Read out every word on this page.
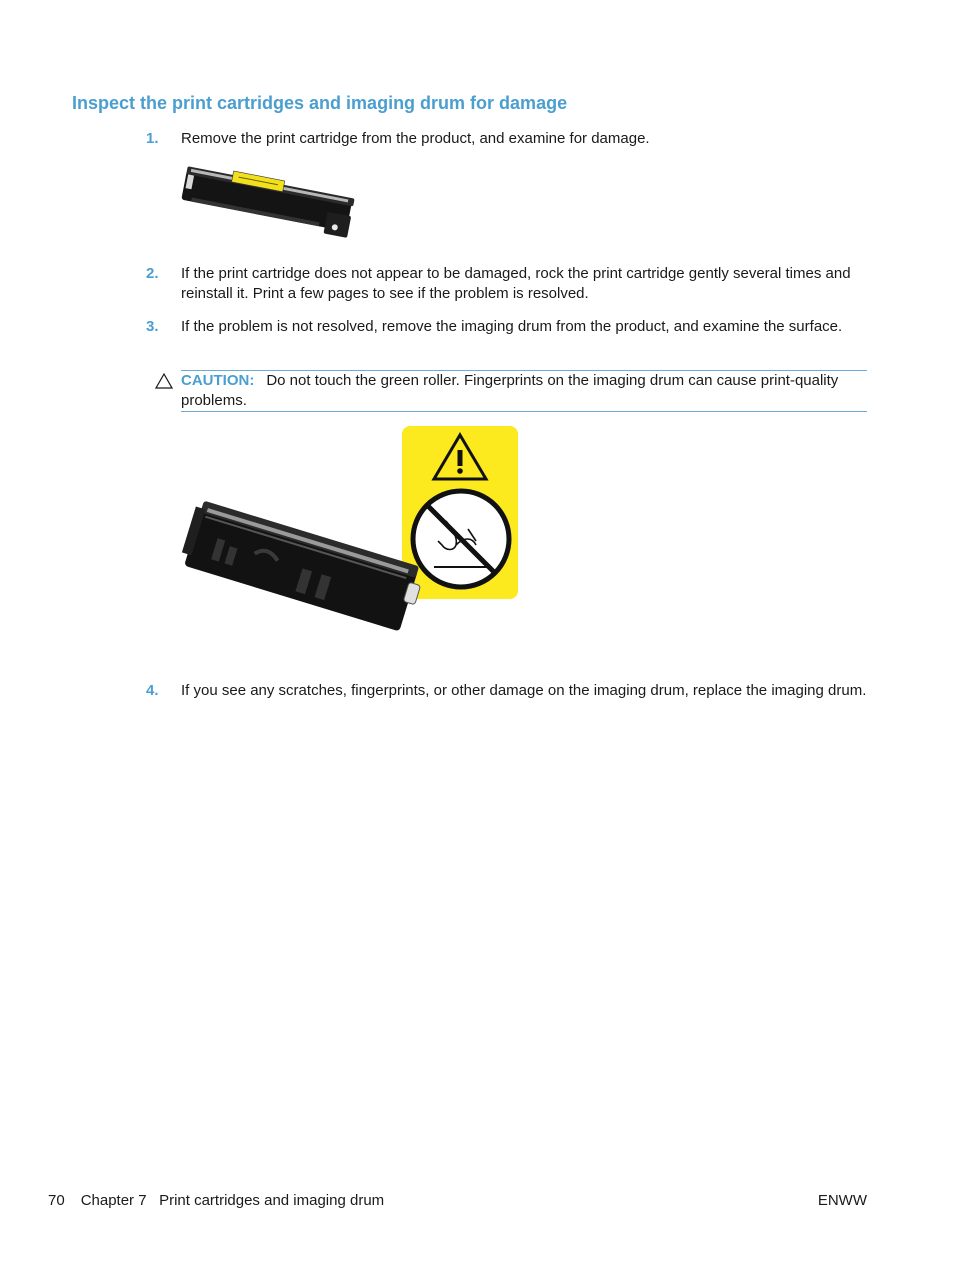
Inspect the print cartridges and imaging drum for damage
1. Remove the print cartridge from the product, and examine for damage.
2. If the print cartridge does not appear to be damaged, rock the print cartridge gently several times and reinstall it. Print a few pages to see if the problem is resolved.
3. If the problem is not resolved, remove the imaging drum from the product, and examine the surface.
CAUTION: Do not touch the green roller. Fingerprints on the imaging drum can cause print-quality problems.
4. If you see any scratches, fingerprints, or other damage on the imaging drum, replace the imaging drum.
70 Chapter 7   Print cartridges and imaging drum	ENWW
